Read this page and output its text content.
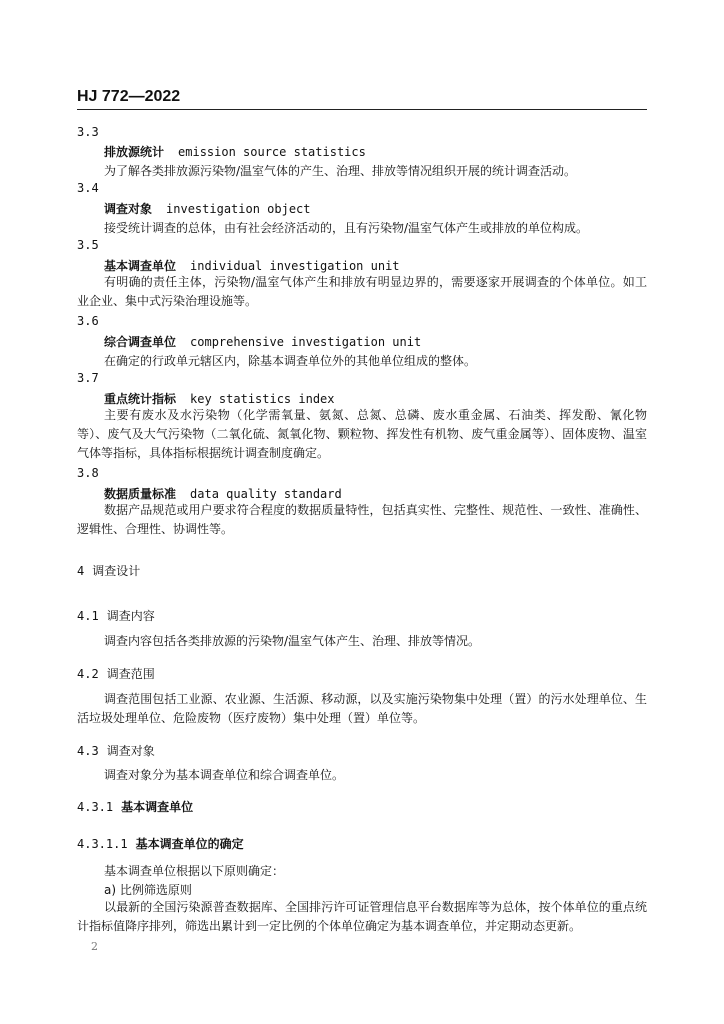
HJ 772—2022
3.3
排放源统计 emission source statistics
为了解各类排放源污染物/温室气体的产生、治理、排放等情况组织开展的统计调查活动。
3.4
调查对象 investigation object
接受统计调查的总体，由有社会经济活动的，且有污染物/温室气体产生或排放的单位构成。
3.5
基本调查单位 individual investigation unit
有明确的责任主体，污染物/温室气体产生和排放有明显边界的，需要逐家开展调查的个体单位。如工业企业、集中式污染治理设施等。
3.6
综合调查单位 comprehensive investigation unit
在确定的行政单元辖区内，除基本调查单位外的其他单位组成的整体。
3.7
重点统计指标 key statistics index
主要有废水及水污染物（化学需氧量、氨氮、总氮、总磷、废水重金属、石油类、挥发酚、氰化物等）、废气及大气污染物（二氧化硫、氮氧化物、颗粒物、挥发性有机物、废气重金属等）、固体废物、温室气体等指标，具体指标根据统计调查制度确定。
3.8
数据质量标准 data quality standard
数据产品规范或用户要求符合程度的数据质量特性，包括真实性、完整性、规范性、一致性、准确性、逻辑性、合理性、协调性等。
4 调查设计
4.1 调查内容
调查内容包括各类排放源的污染物/温室气体产生、治理、排放等情况。
4.2 调查范围
调查范围包括工业源、农业源、生活源、移动源，以及实施污染物集中处理（置）的污水处理单位、生活垃圾处理单位、危险废物（医疗废物）集中处理（置）单位等。
4.3 调查对象
调查对象分为基本调查单位和综合调查单位。
4.3.1 基本调查单位
4.3.1.1 基本调查单位的确定
基本调查单位根据以下原则确定：
a) 比例筛选原则
以最新的全国污染源普查数据库、全国排污许可证管理信息平台数据库等为总体，按个体单位的重点统计指标值降序排列，筛选出累计到一定比例的个体单位确定为基本调查单位，并定期动态更新。
2
